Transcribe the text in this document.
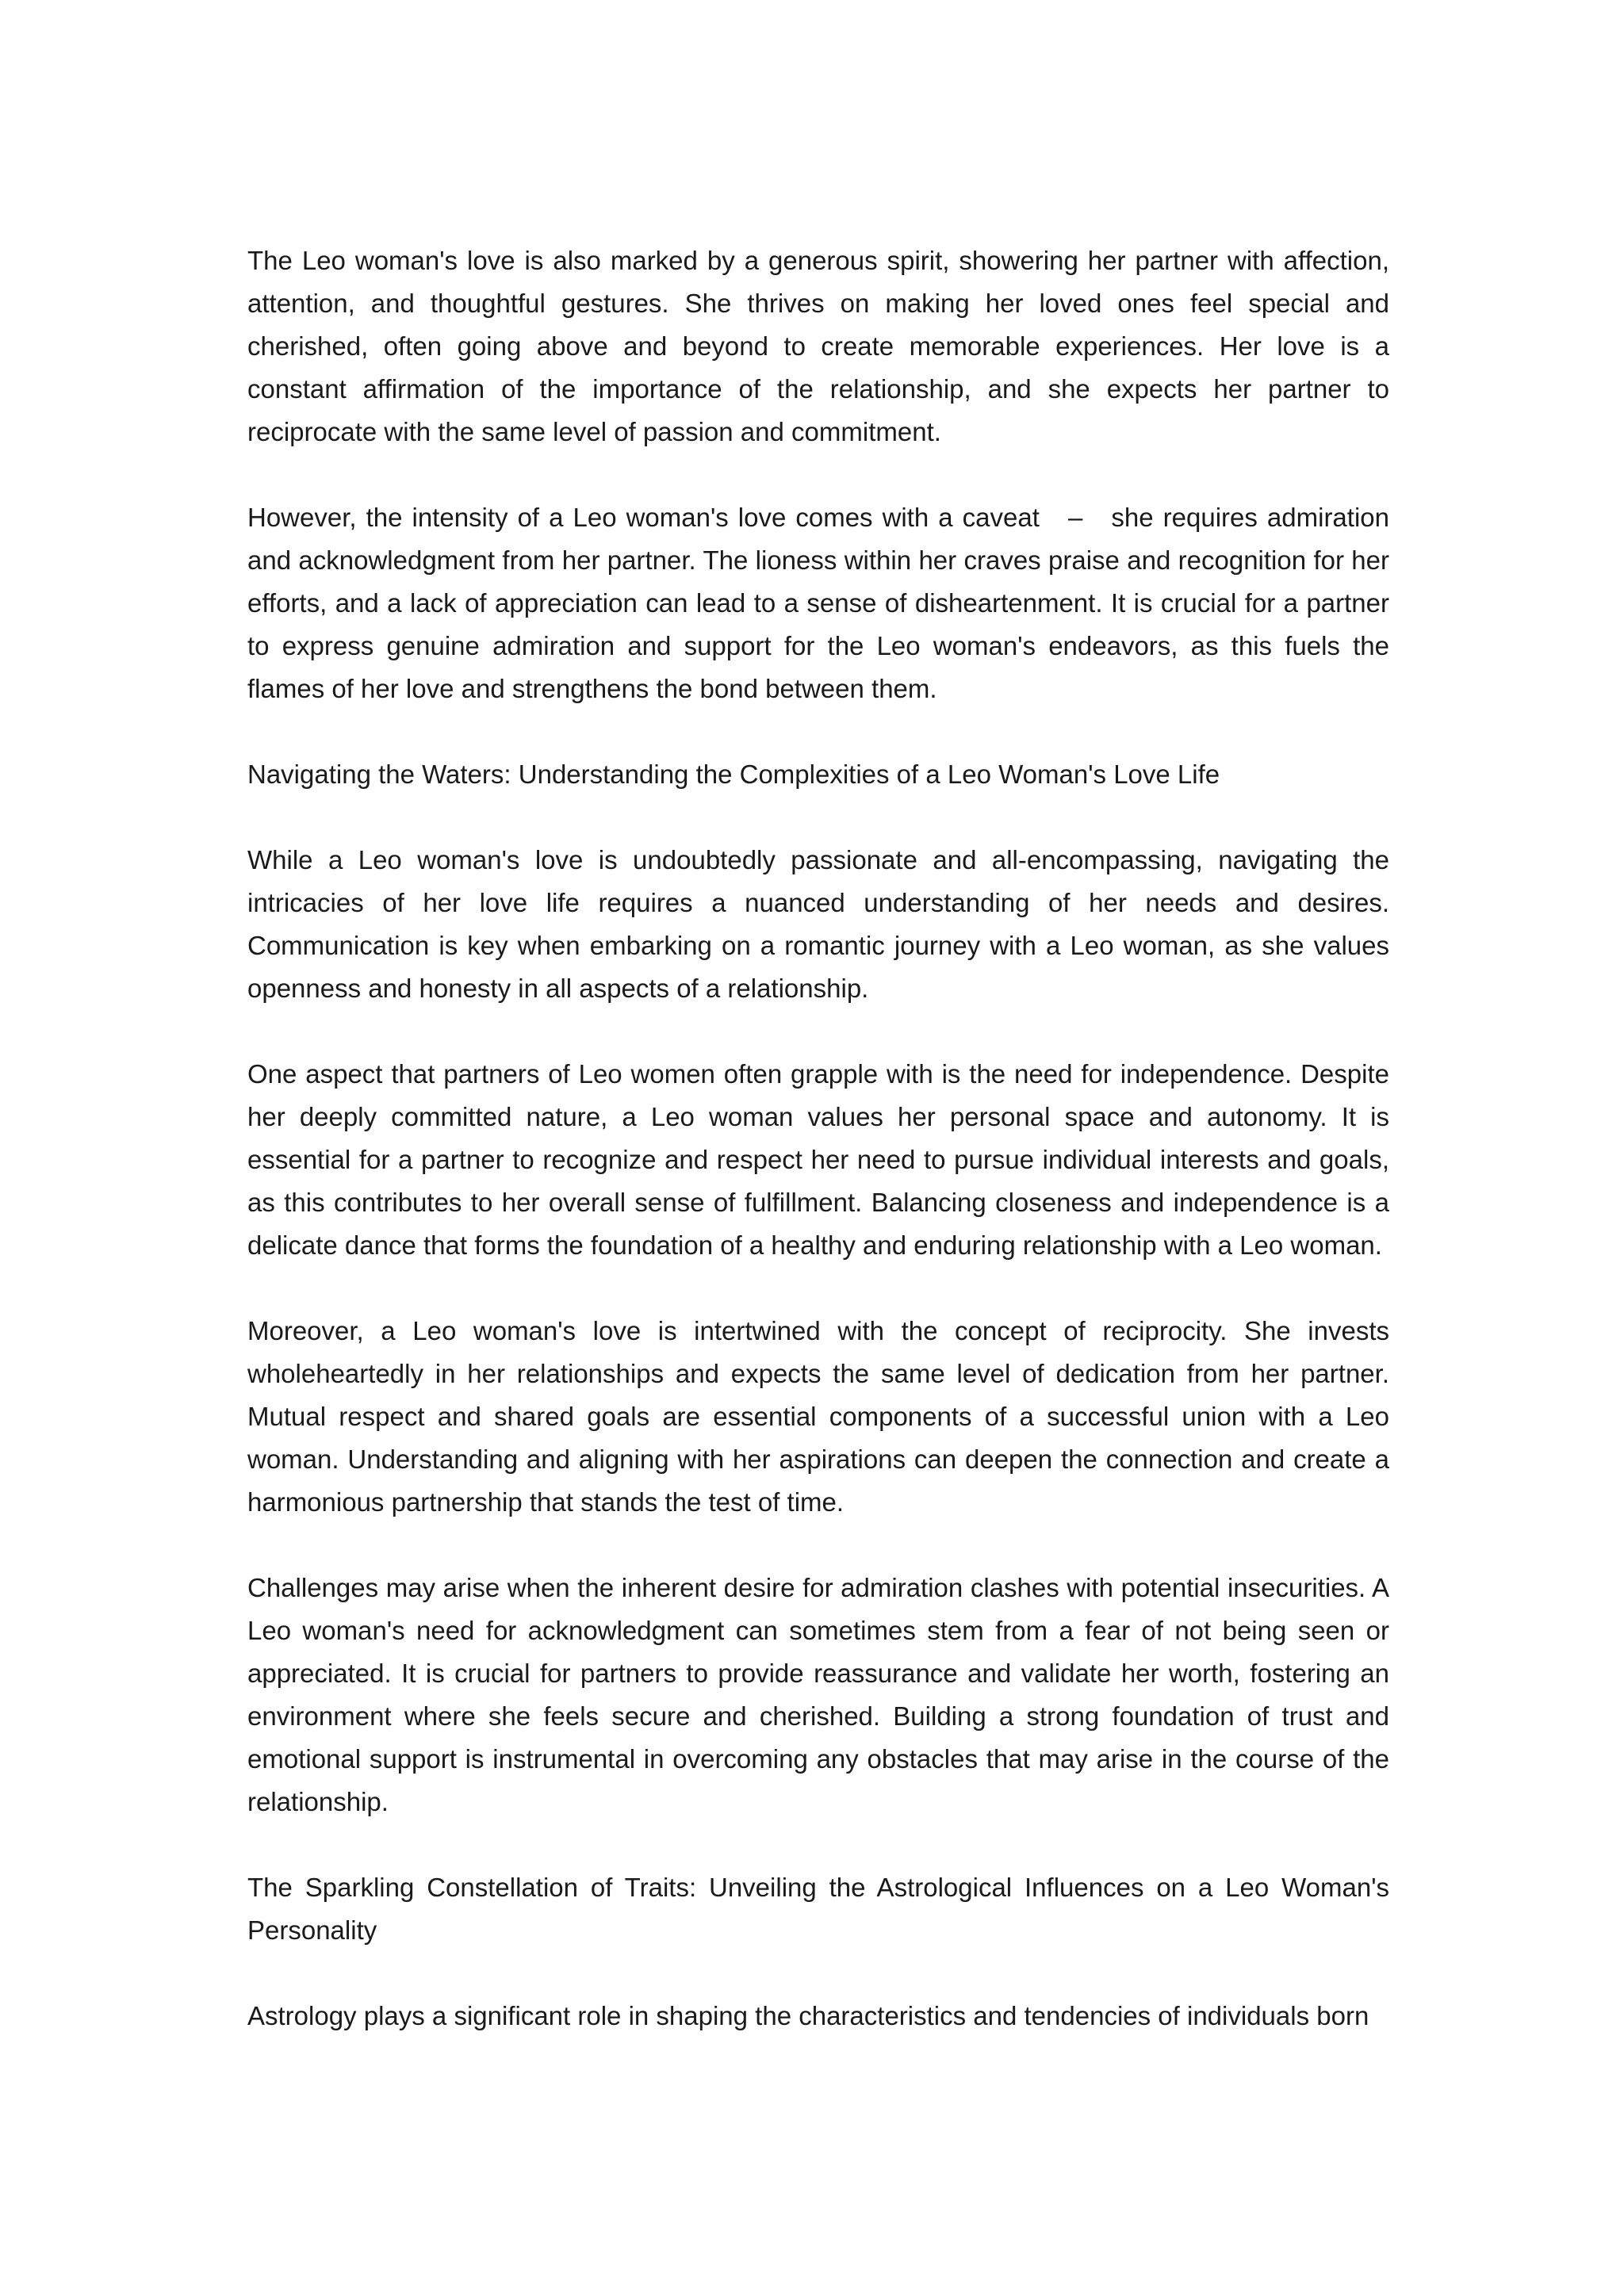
The Leo woman's love is also marked by a generous spirit, showering her partner with affection, attention, and thoughtful gestures. She thrives on making her loved ones feel special and cherished, often going above and beyond to create memorable experiences. Her love is a constant affirmation of the importance of the relationship, and she expects her partner to reciprocate with the same level of passion and commitment.

However, the intensity of a Leo woman's love comes with a caveat   –   she requires admiration and acknowledgment from her partner. The lioness within her craves praise and recognition for her efforts, and a lack of appreciation can lead to a sense of disheartenment. It is crucial for a partner to express genuine admiration and support for the Leo woman's endeavors, as this fuels the flames of her love and strengthens the bond between them.

Navigating the Waters: Understanding the Complexities of a Leo Woman's Love Life

While a Leo woman's love is undoubtedly passionate and all-encompassing, navigating the intricacies of her love life requires a nuanced understanding of her needs and desires. Communication is key when embarking on a romantic journey with a Leo woman, as she values openness and honesty in all aspects of a relationship.

One aspect that partners of Leo women often grapple with is the need for independence. Despite her deeply committed nature, a Leo woman values her personal space and autonomy. It is essential for a partner to recognize and respect her need to pursue individual interests and goals, as this contributes to her overall sense of fulfillment. Balancing closeness and independence is a delicate dance that forms the foundation of a healthy and enduring relationship with a Leo woman.

Moreover, a Leo woman's love is intertwined with the concept of reciprocity. She invests wholeheartedly in her relationships and expects the same level of dedication from her partner. Mutual respect and shared goals are essential components of a successful union with a Leo woman. Understanding and aligning with her aspirations can deepen the connection and create a harmonious partnership that stands the test of time.

Challenges may arise when the inherent desire for admiration clashes with potential insecurities. A Leo woman's need for acknowledgment can sometimes stem from a fear of not being seen or appreciated. It is crucial for partners to provide reassurance and validate her worth, fostering an environment where she feels secure and cherished. Building a strong foundation of trust and emotional support is instrumental in overcoming any obstacles that may arise in the course of the relationship.

The Sparkling Constellation of Traits: Unveiling the Astrological Influences on a Leo Woman's Personality

Astrology plays a significant role in shaping the characteristics and tendencies of individuals born
